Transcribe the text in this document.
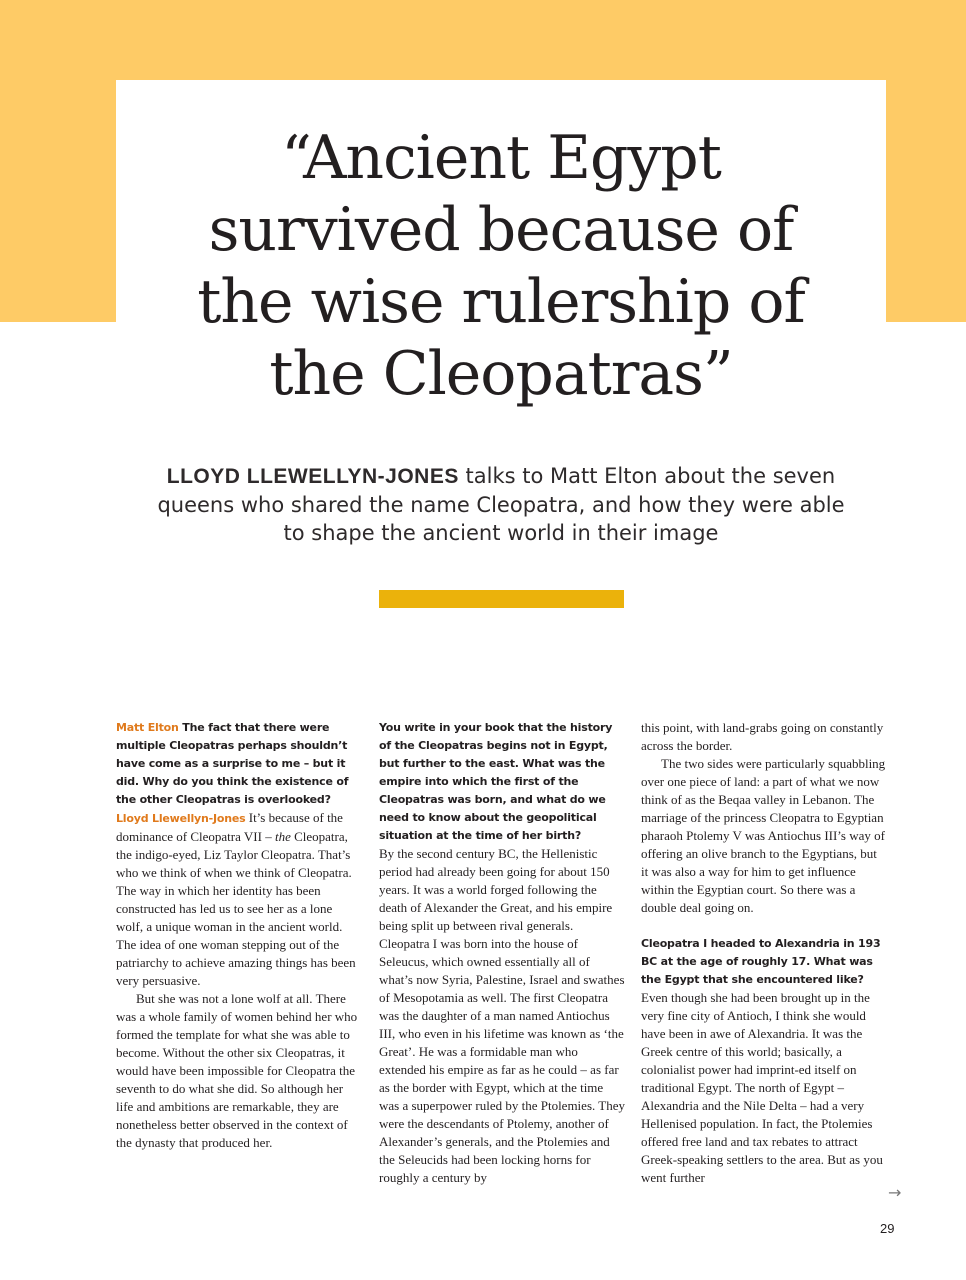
“Ancient Egypt
survived because of
the wise rulership of
the Cleopatras”

LLOYD LLEWELLYN-JONES talks to Matt Elton about the seven queens who shared the name Cleopatra, and how they were able to shape the ancient world in their image

Matt Elton The fact that there were multiple Cleopatras perhaps shouldn’t have come as a surprise to me – but it did. Why do you think the existence of the other Cleopatras is overlooked?

Lloyd Llewellyn-Jones It’s because of the dominance of Cleopatra VII – the Cleopatra, the indigo-eyed, Liz Taylor Cleopatra. That’s who we think of when we think of Cleopatra. The way in which her identity has been constructed has led us to see her as a lone wolf, a unique woman in the ancient world. The idea of one woman stepping out of the patriarchy to achieve amazing things has been very persuasive.

But she was not a lone wolf at all. There was a whole family of women behind her who formed the template for what she was able to become. Without the other six Cleopatras, it would have been impossible for Cleopatra the seventh to do what she did. So although her life and ambitions are remarkable, they are nonetheless better observed in the context of the dynasty that produced her.

You write in your book that the history of the Cleopatras begins not in Egypt, but further to the east. What was the empire into which the first of the Cleopatras was born, and what do we need to know about the geopolitical situation at the time of her birth?

By the second century BC, the Hellenistic period had already been going for about 150 years. It was a world forged following the death of Alexander the Great, and his empire being split up between rival generals. Cleopatra I was born into the house of Seleucus, which owned essentially all of what’s now Syria, Palestine, Israel and swathes of Mesopotamia as well. The first Cleopatra was the daughter of a man named Antiochus III, who even in his lifetime was known as ‘the Great’. He was a formidable man who extended his empire as far as he could – as far as the border with Egypt, which at the time was a superpower ruled by the Ptolemies. They were the descendants of Ptolemy, another of Alexander’s generals, and the Ptolemies and the Seleucids had been locking horns for roughly a century by

this point, with land-grabs going on constantly across the border.

The two sides were particularly squabbling over one piece of land: a part of what we now think of as the Beqaa valley in Lebanon. The marriage of the princess Cleopatra to Egyptian pharaoh Ptolemy V was Antiochus III’s way of offering an olive branch to the Egyptians, but it was also a way for him to get influence within the Egyptian court. So there was a double deal going on.

Cleopatra I headed to Alexandria in 193 BC at the age of roughly 17. What was the Egypt that she encountered like?

Even though she had been brought up in the very fine city of Antioch, I think she would have been in awe of Alexandria. It was the Greek centre of this world; basically, a colonialist power had imprint-ed itself on traditional Egypt. The north of Egypt – Alexandria and the Nile Delta – had a very Hellenised population. In fact, the Ptolemies offered free land and tax rebates to attract Greek-speaking settlers to the area. But as you went further

→
29
